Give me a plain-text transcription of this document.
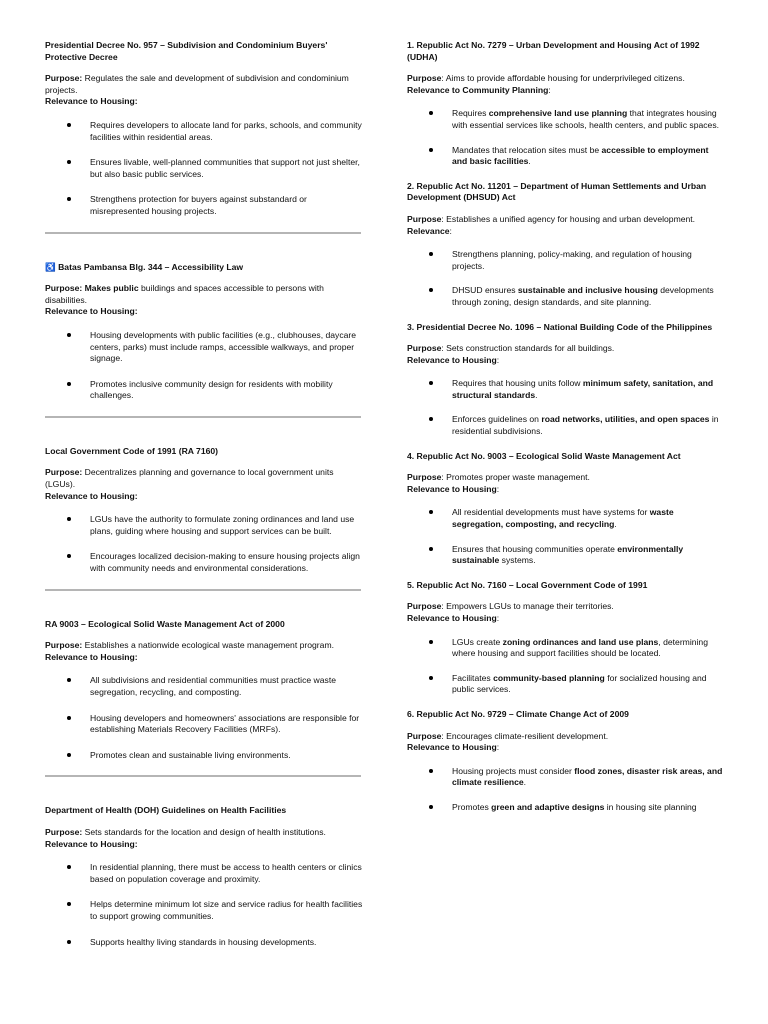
Presidential Decree No. 957 – Subdivision and Condominium Buyers' Protective Decree

Purpose: Regulates the sale and development of subdivision and condominium projects.

Relevance to Housing:

Requires developers to allocate land for parks, schools, and community facilities within residential areas.
Ensures livable, well-planned communities that support not just shelter, but also basic public services.
Strengthens protection for buyers against substandard or misrepresented housing projects.
♿ Batas Pambansa Blg. 344 – Accessibility Law

Purpose: Makes public buildings and spaces accessible to persons with disabilities.

Relevance to Housing:

Housing developments with public facilities (e.g., clubhouses, daycare centers, parks) must include ramps, accessible walkways, and proper signage.
Promotes inclusive community design for residents with mobility challenges.
Local Government Code of 1991 (RA 7160)

Purpose: Decentralizes planning and governance to local government units (LGUs).

Relevance to Housing:

LGUs have the authority to formulate zoning ordinances and land use plans, guiding where housing and support services can be built.
Encourages localized decision-making to ensure housing projects align with community needs and environmental considerations.
RA 9003 – Ecological Solid Waste Management Act of 2000

Purpose: Establishes a nationwide ecological waste management program.

Relevance to Housing:

All subdivisions and residential communities must practice waste segregation, recycling, and composting.
Housing developers and homeowners' associations are responsible for establishing Materials Recovery Facilities (MRFs).
Promotes clean and sustainable living environments.
Department of Health (DOH) Guidelines on Health Facilities

Purpose: Sets standards for the location and design of health institutions.

Relevance to Housing:

In residential planning, there must be access to health centers or clinics based on population coverage and proximity.
Helps determine minimum lot size and service radius for health facilities to support growing communities.
Supports healthy living standards in housing developments.
1. Republic Act No. 7279 – Urban Development and Housing Act of 1992 (UDHA)

Purpose: Aims to provide affordable housing for underprivileged citizens.

Relevance to Community Planning:

Requires comprehensive land use planning that integrates housing with essential services like schools, health centers, and public spaces.
Mandates that relocation sites must be accessible to employment and basic facilities.
2. Republic Act No. 11201 – Department of Human Settlements and Urban Development (DHSUD) Act

Purpose: Establishes a unified agency for housing and urban development.

Relevance:

Strengthens planning, policy-making, and regulation of housing projects.
DHSUD ensures sustainable and inclusive housing developments through zoning, design standards, and site planning.
3. Presidential Decree No. 1096 – National Building Code of the Philippines

Purpose: Sets construction standards for all buildings.

Relevance to Housing:

Requires that housing units follow minimum safety, sanitation, and structural standards.
Enforces guidelines on road networks, utilities, and open spaces in residential subdivisions.
4. Republic Act No. 9003 – Ecological Solid Waste Management Act

Purpose: Promotes proper waste management.

Relevance to Housing:

All residential developments must have systems for waste segregation, composting, and recycling.
Ensures that housing communities operate environmentally sustainable systems.
5. Republic Act No. 7160 – Local Government Code of 1991

Purpose: Empowers LGUs to manage their territories.

Relevance to Housing:

LGUs create zoning ordinances and land use plans, determining where housing and support facilities should be located.
Facilitates community-based planning for socialized housing and public services.
6. Republic Act No. 9729 – Climate Change Act of 2009

Purpose: Encourages climate-resilient development.

Relevance to Housing:

Housing projects must consider flood zones, disaster risk areas, and climate resilience.
Promotes green and adaptive designs in housing site planning
